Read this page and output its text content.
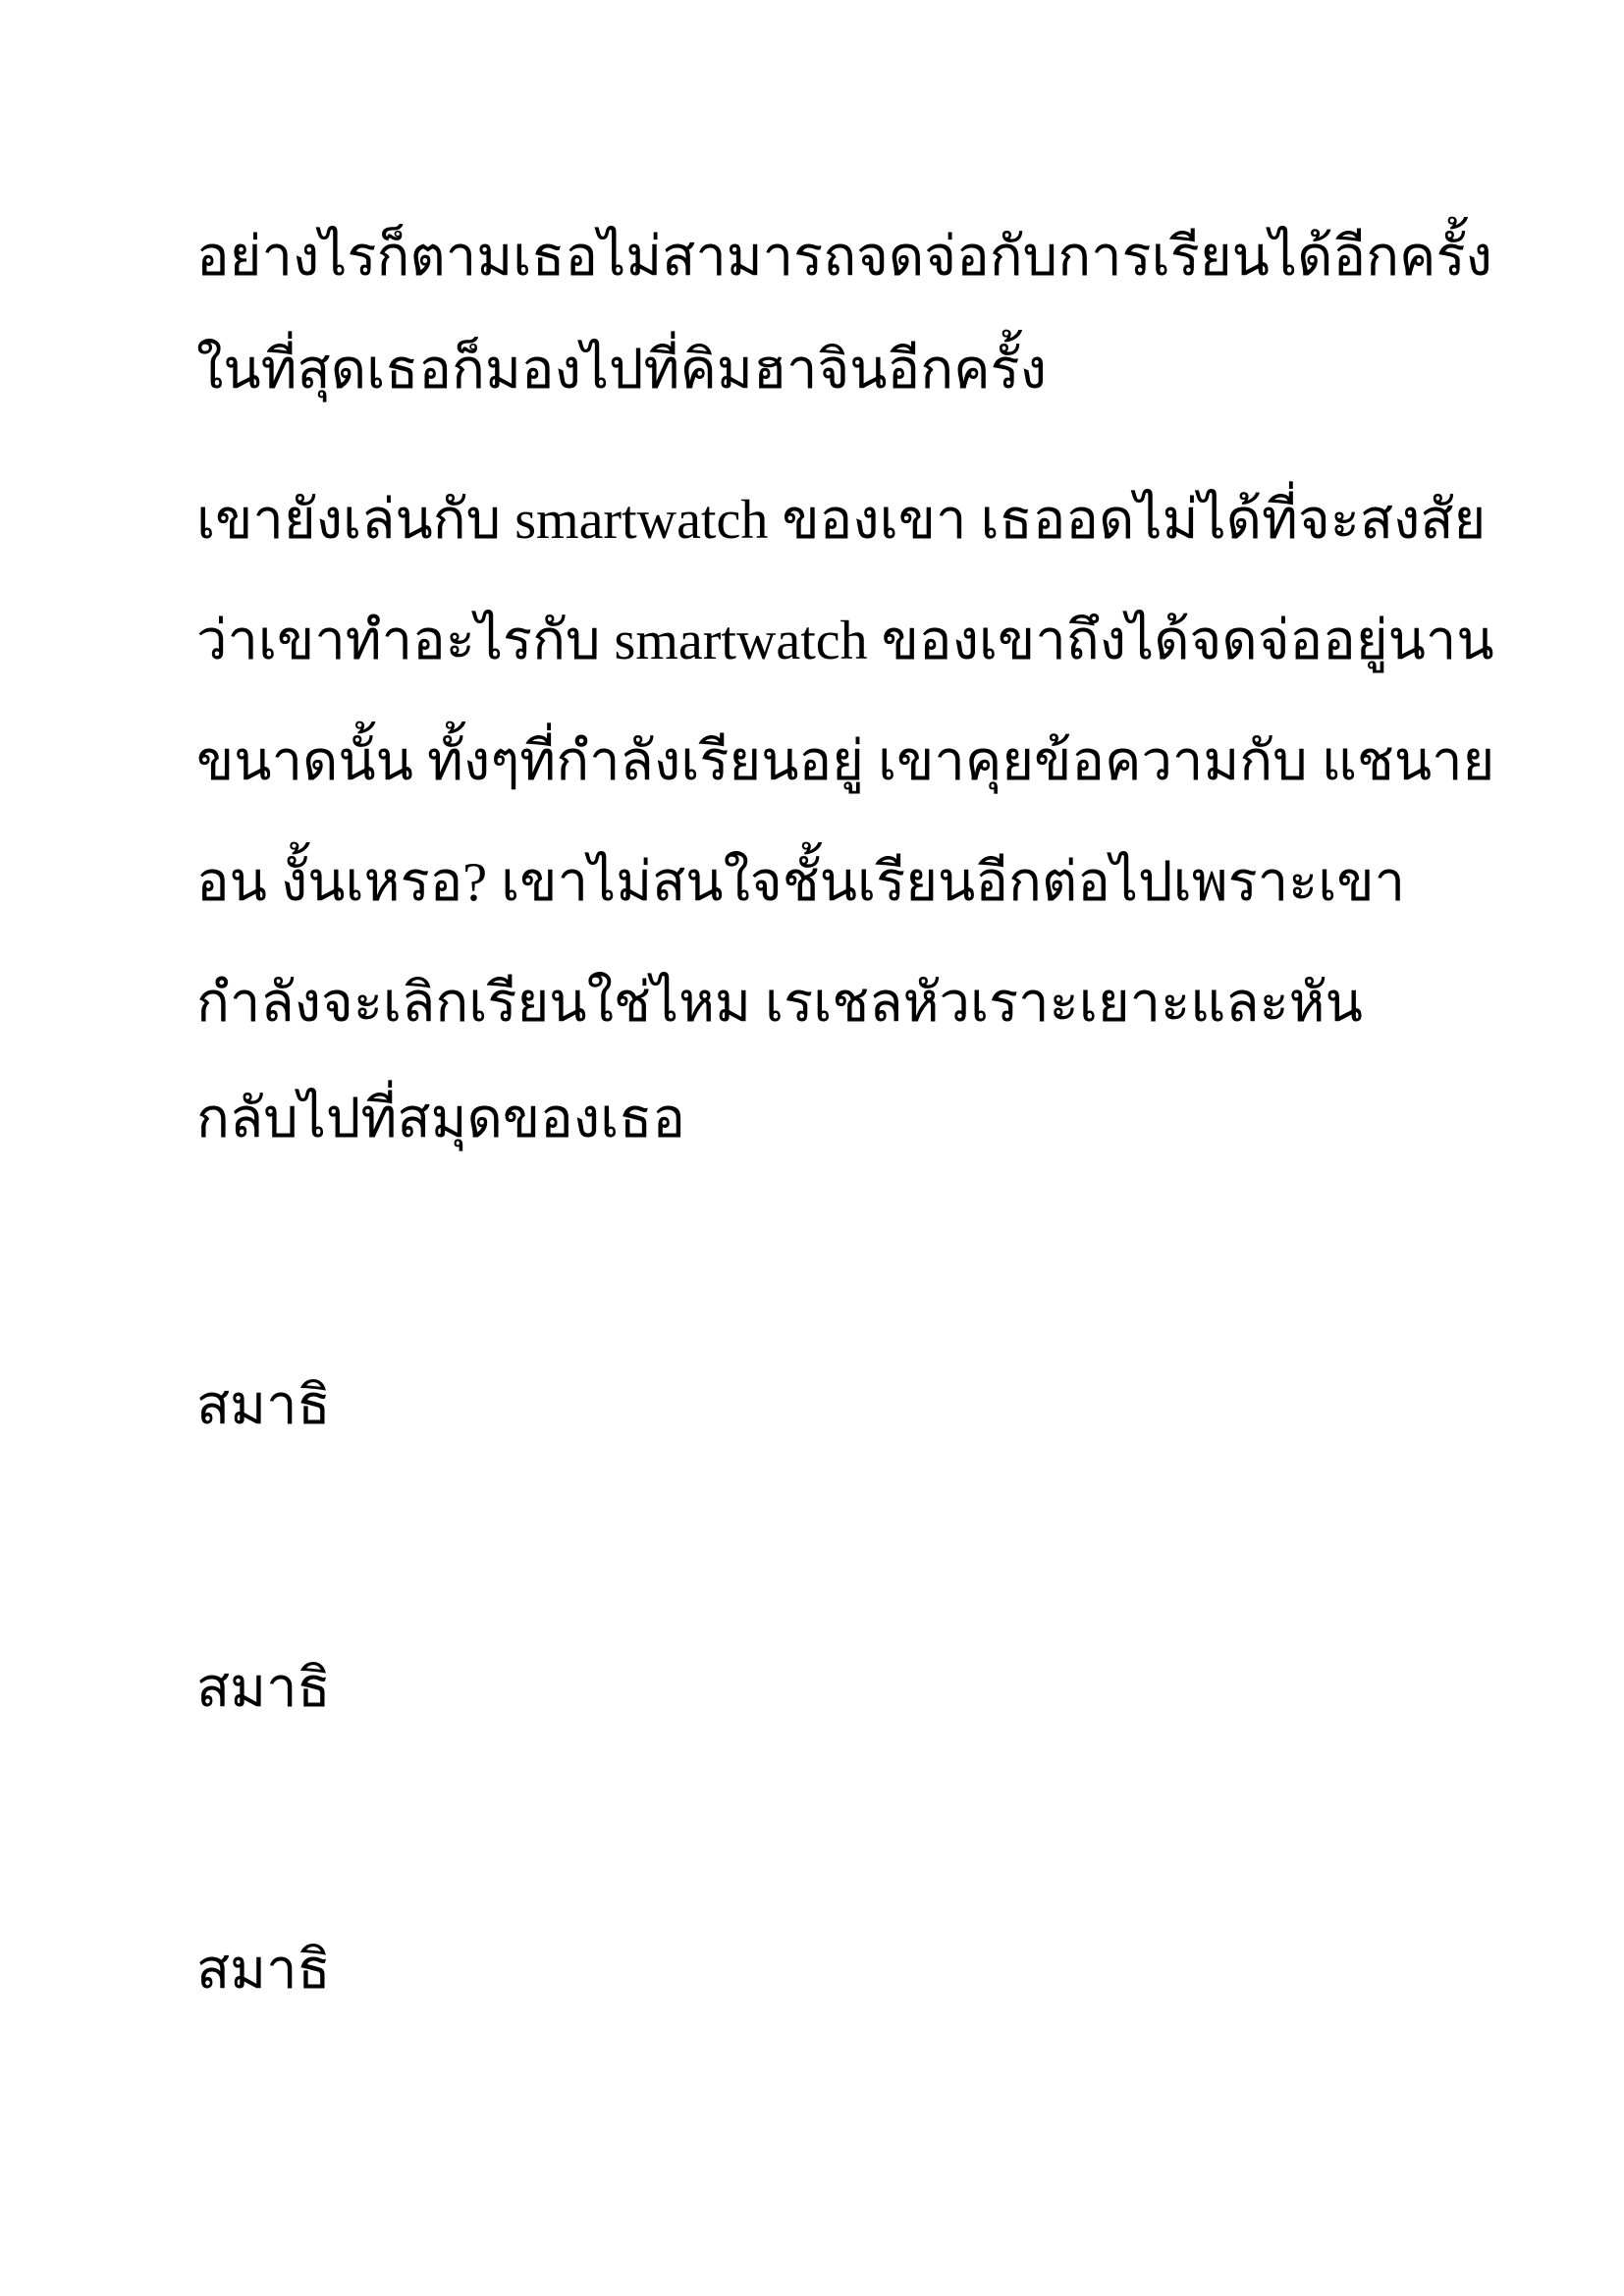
อย่างไรก็ตามเธอไม่สามารถจดจ่อกับการเรียนได้อีกครั้ง
ในที่สุดเธอก็มองไปที่คิมฮาจินอีกครั้ง
เขายังเล่นกับ smartwatch ของเขา เธออดไม่ได้ที่จะสงสัย
ว่าเขาทำอะไรกับ smartwatch ของเขาถึงได้จดจ่ออยู่นาน
ขนาดนั้น ทั้งๆที่กำลังเรียนอยู่ เขาคุยข้อความกับ แชนาย
อน งั้นเหรอ? เขาไม่สนใจชั้นเรียนอีกต่อไปเพราะเขา
กำลังจะเลิกเรียนใช่ไหม เรเชลหัวเราะเยาะและหัน
กลับไปที่สมุดของเธอ
สมาธิ
สมาธิ
สมาธิ
